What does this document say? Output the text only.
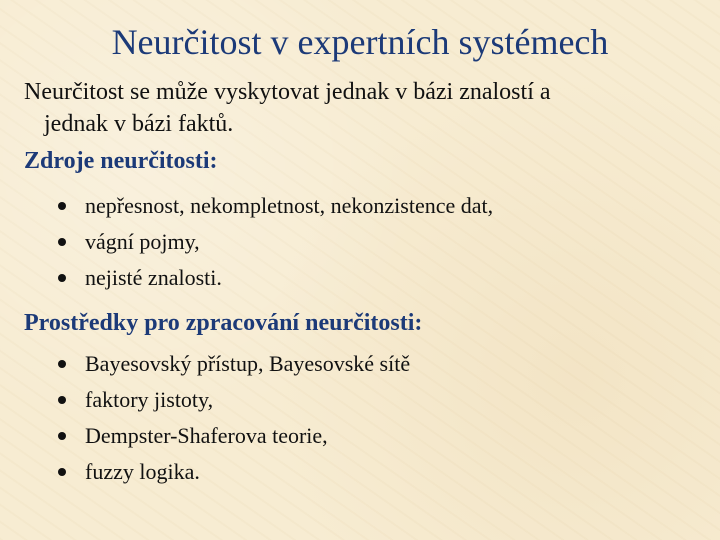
Neurčitost v expertních systémech
Neurčitost se může vyskytovat jednak v bázi znalostí a
jednak v bázi faktů.
Zdroje neurčitosti:
nepřesnost, nekompletnost, nekonzistence dat,
vágní pojmy,
nejisté znalosti.
Prostředky pro zpracování neurčitosti:
Bayesovský přístup, Bayesovské sítě
faktory jistoty,
Dempster-Shaferova teorie,
fuzzy logika.
